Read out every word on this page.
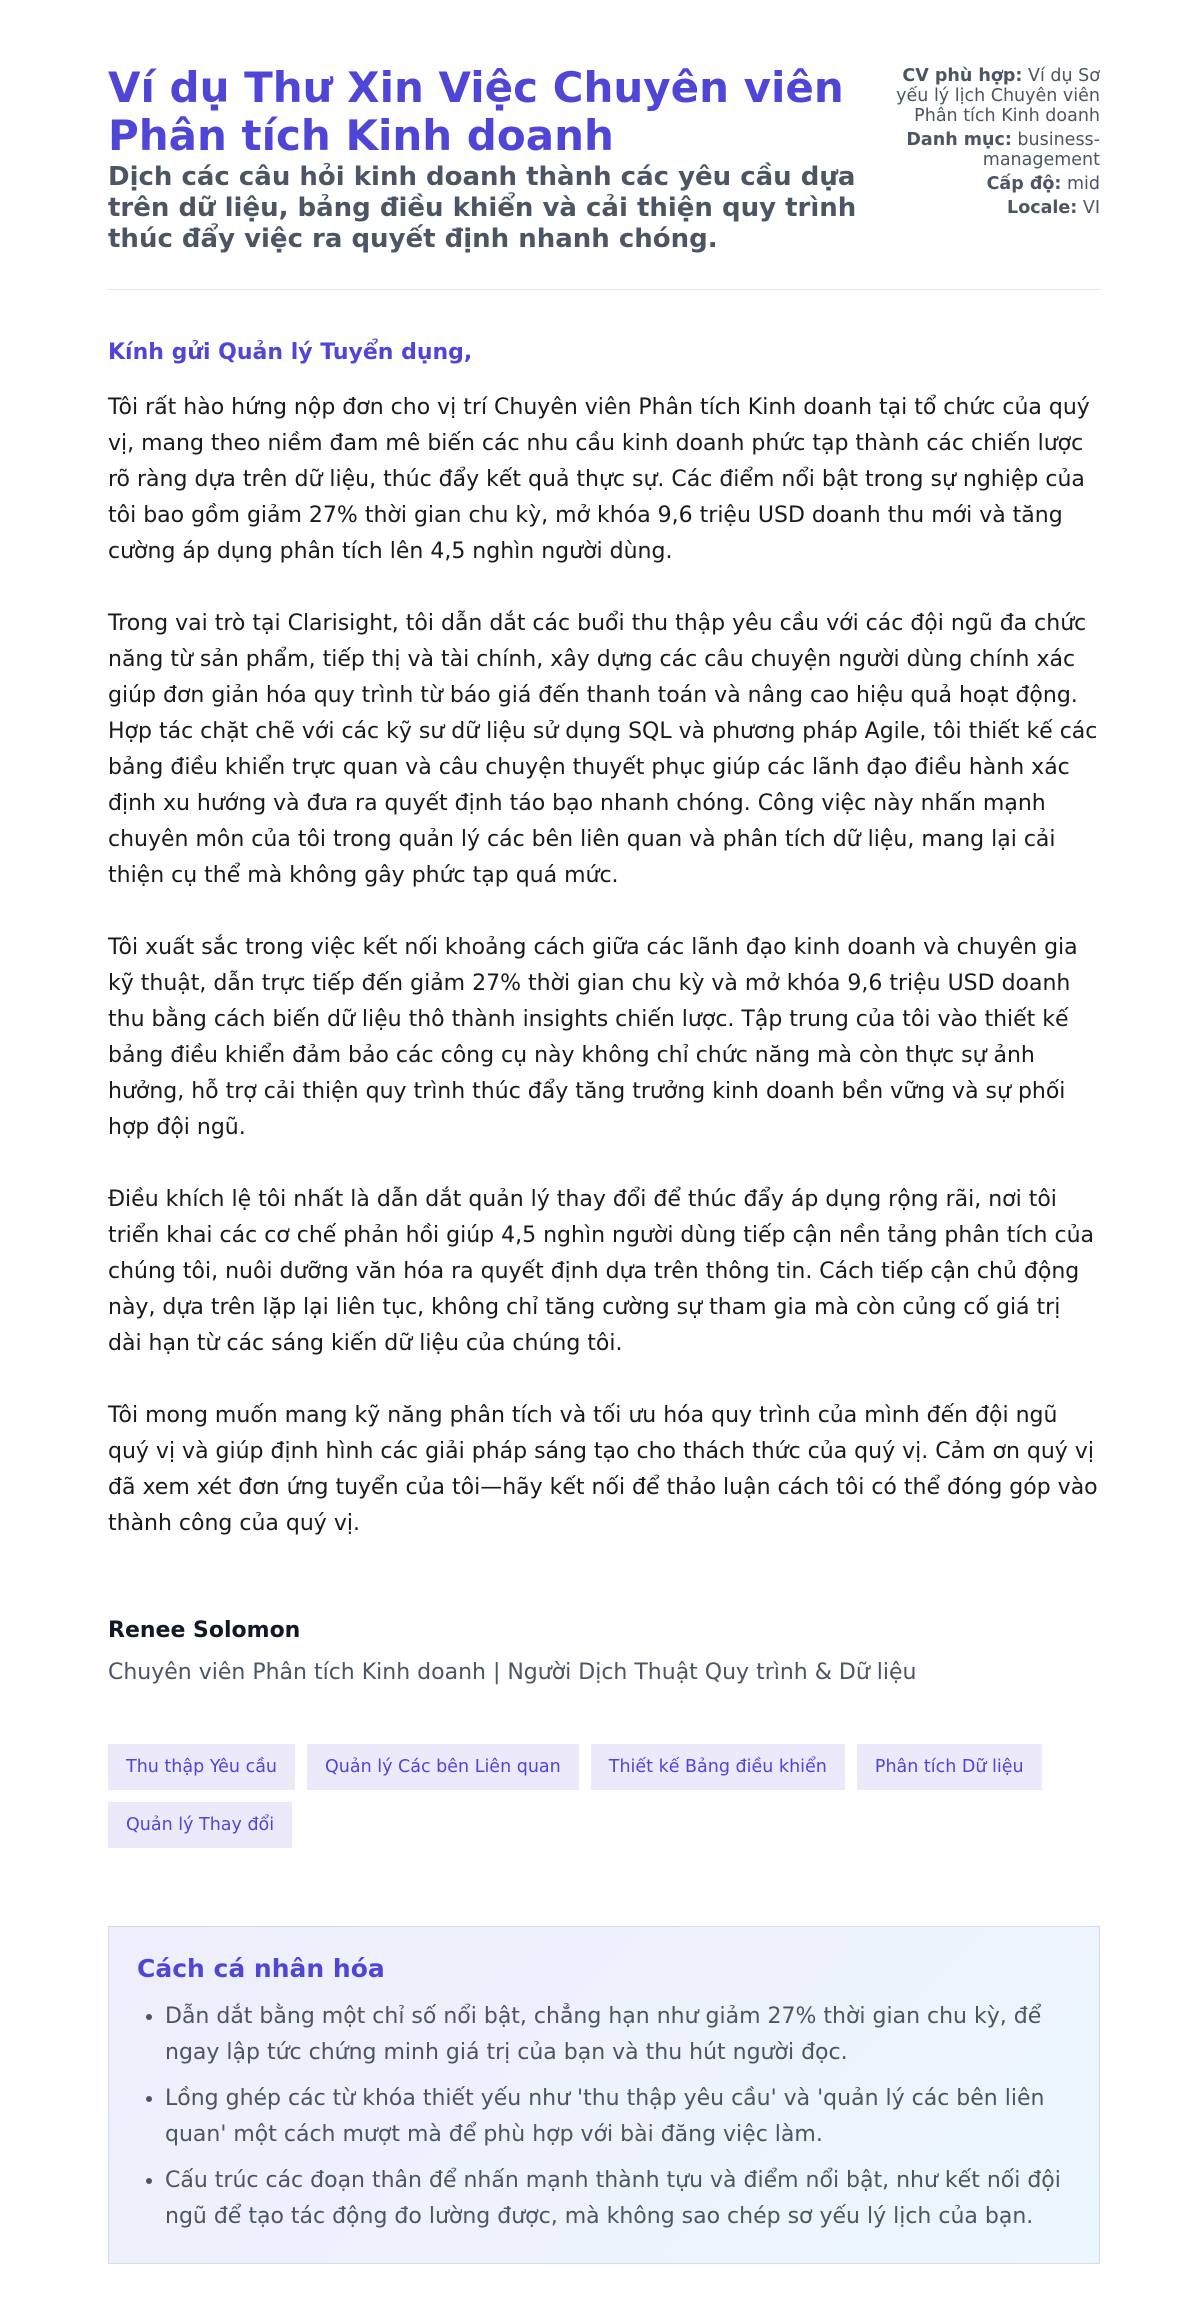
Ví dụ Thư Xin Việc Chuyên viên Phân tích Kinh doanh

Dịch các câu hỏi kinh doanh thành các yêu cầu dựa trên dữ liệu, bảng điều khiển và cải thiện quy trình thúc đẩy việc ra quyết định nhanh chóng.

CV phù hợp: Ví dụ Sơ yếu lý lịch Chuyên viên Phân tích Kinh doanh
Danh mục: business-management
Cấp độ: mid
Locale: VI

Kính gửi Quản lý Tuyển dụng,

Tôi rất hào hứng nộp đơn cho vị trí Chuyên viên Phân tích Kinh doanh tại tổ chức của quý vị, mang theo niềm đam mê biến các nhu cầu kinh doanh phức tạp thành các chiến lược rõ ràng dựa trên dữ liệu, thúc đẩy kết quả thực sự. Các điểm nổi bật trong sự nghiệp của tôi bao gồm giảm 27% thời gian chu kỳ, mở khóa 9,6 triệu USD doanh thu mới và tăng cường áp dụng phân tích lên 4,5 nghìn người dùng.

Trong vai trò tại Clarisight, tôi dẫn dắt các buổi thu thập yêu cầu với các đội ngũ đa chức năng từ sản phẩm, tiếp thị và tài chính, xây dựng các câu chuyện người dùng chính xác giúp đơn giản hóa quy trình từ báo giá đến thanh toán và nâng cao hiệu quả hoạt động. Hợp tác chặt chẽ với các kỹ sư dữ liệu sử dụng SQL và phương pháp Agile, tôi thiết kế các bảng điều khiển trực quan và câu chuyện thuyết phục giúp các lãnh đạo điều hành xác định xu hướng và đưa ra quyết định táo bạo nhanh chóng. Công việc này nhấn mạnh chuyên môn của tôi trong quản lý các bên liên quan và phân tích dữ liệu, mang lại cải thiện cụ thể mà không gây phức tạp quá mức.

Tôi xuất sắc trong việc kết nối khoảng cách giữa các lãnh đạo kinh doanh và chuyên gia kỹ thuật, dẫn trực tiếp đến giảm 27% thời gian chu kỳ và mở khóa 9,6 triệu USD doanh thu bằng cách biến dữ liệu thô thành insights chiến lược. Tập trung của tôi vào thiết kế bảng điều khiển đảm bảo các công cụ này không chỉ chức năng mà còn thực sự ảnh hưởng, hỗ trợ cải thiện quy trình thúc đẩy tăng trưởng kinh doanh bền vững và sự phối hợp đội ngũ.

Điều khích lệ tôi nhất là dẫn dắt quản lý thay đổi để thúc đẩy áp dụng rộng rãi, nơi tôi triển khai các cơ chế phản hồi giúp 4,5 nghìn người dùng tiếp cận nền tảng phân tích của chúng tôi, nuôi dưỡng văn hóa ra quyết định dựa trên thông tin. Cách tiếp cận chủ động này, dựa trên lặp lại liên tục, không chỉ tăng cường sự tham gia mà còn củng cố giá trị dài hạn từ các sáng kiến dữ liệu của chúng tôi.

Tôi mong muốn mang kỹ năng phân tích và tối ưu hóa quy trình của mình đến đội ngũ quý vị và giúp định hình các giải pháp sáng tạo cho thách thức của quý vị. Cảm ơn quý vị đã xem xét đơn ứng tuyển của tôi—hãy kết nối để thảo luận cách tôi có thể đóng góp vào thành công của quý vị.

Renee Solomon
Chuyên viên Phân tích Kinh doanh | Người Dịch Thuật Quy trình & Dữ liệu
Thu thập Yêu cầu	Quản lý Các bên Liên quan	Thiết kế Bảng điều khiển	Phân tích Dữ liệu
Quản lý Thay đổi
Cách cá nhân hóa
• Dẫn dắt bằng một chỉ số nổi bật, chẳng hạn như giảm 27% thời gian chu kỳ, để ngay lập tức chứng minh giá trị của bạn và thu hút người đọc.
• Lồng ghép các từ khóa thiết yếu như 'thu thập yêu cầu' và 'quản lý các bên liên quan' một cách mượt mà để phù hợp với bài đăng việc làm.
• Cấu trúc các đoạn thân để nhấn mạnh thành tựu và điểm nổi bật, như kết nối đội ngũ để tạo tác động đo lường được, mà không sao chép sơ yếu lý lịch của bạn.
